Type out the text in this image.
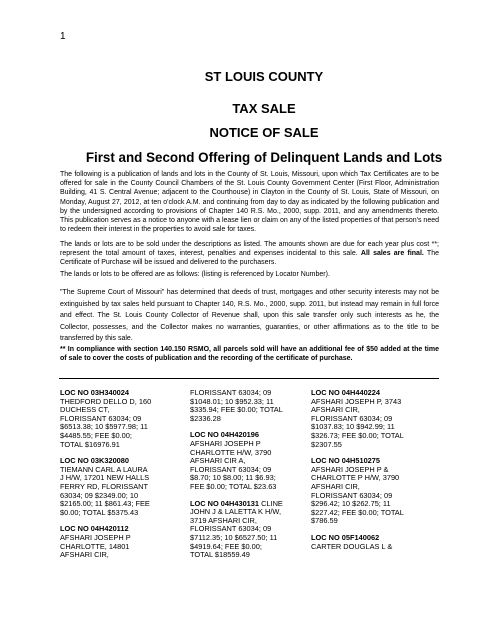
1
ST LOUIS COUNTY
TAX SALE
NOTICE OF SALE
First and Second Offering of Delinquent Lands and Lots
The following is a publication of lands and lots in the County of St. Louis, Missouri, upon which Tax Certificates are to be offered for sale in the County Council Chambers of the St. Louis County Government Center (First Floor, Administration Building, 41 S. Central Avenue; adjacent to the Courthouse) in Clayton in the County of St. Louis, State of Missouri, on Monday, August 27, 2012, at ten o'clock A.M. and continuing from day to day as indicated by the following publication and by the undersigned according to provisions of Chapter 140 R.S. Mo., 2000, supp. 2011, and any amendments thereto. This publication serves as a notice to anyone with a lease lien or claim on any of the listed properties of that person's need to redeem their interest in the properties to avoid sale for taxes.
The lands or lots are to be sold under the descriptions as listed. The amounts shown are due for each year plus cost **; represent the total amount of taxes, interest, penalties and expenses incidental to this sale. All sales are final. The Certificate of Purchase will be issued and delivered to the purchasers.
The lands or lots to be offered are as follows: (listing is referenced by Locator Number).
"The Supreme Court of Missouri" has determined that deeds of trust, mortgages and other security interests may not be extinguished by tax sales held pursuant to Chapter 140, R.S. Mo., 2000, supp. 2011, but instead may remain in full force and effect. The St. Louis County Collector of Revenue shall, upon this sale transfer only such interests as he, the Collector, possesses, and the Collector makes no warranties, guaranties, or other affirmations as to the title to be transferred by this sale.
** In compliance with section 140.150 RSMO, all parcels sold will have an additional fee of $50 added at the time of sale to cover the costs of publication and the recording of the certificate of purchase.
LOC NO 03H340024
THEDFORD DELLO D, 160
DUCHESS CT,
FLORISSANT 63034; 09
$6513.38; 10 $5977.98; 11
$4485.55; FEE $0.00;
TOTAL $16976.91
LOC NO 03K320080
TIEMANN CARL A LAURA
J H/W, 17201 NEW HALLS
FERRY RD, FLORISSANT
63034; 09 $2349.00; 10
$2165.00; 11 $861.43; FEE
$0.00; TOTAL $5375.43
LOC NO 04H420112
AFSHARI JOSEPH P
CHARLOTTE, 14801
AFSHARI CIR,
FLORISSANT 63034; 09
$1048.01; 10 $952.33; 11
$335.94; FEE $0.00; TOTAL
$2336.28
LOC NO 04H420196
AFSHARI JOSEPH P
CHARLOTTE H/W, 3790
AFSHARI CIR A,
FLORISSANT 63034; 09
$8.70; 10 $8.00; 11 $6.93;
FEE $0.00; TOTAL $23.63
LOC NO 04H430131 CLINE
JOHN J & LALETTA K H/W,
3719 AFSHARI CIR,
FLORISSANT 63034; 09
$7112.35; 10 $6527.50; 11
$4919.64; FEE $0.00;
TOTAL $18559.49
LOC NO 04H440224
AFSHARI JOSEPH P, 3743
AFSHARI CIR,
FLORISSANT 63034; 09
$1037.83; 10 $942.99; 11
$326.73; FEE $0.00; TOTAL
$2307.55
LOC NO 04H510275
AFSHARI JOSEPH P &
CHARLOTTE P H/W, 3790
AFSHARI CIR,
FLORISSANT 63034; 09
$296.42; 10 $262.75; 11
$227.42; FEE $0.00; TOTAL
$786.59
LOC NO 05F140062
CARTER DOUGLAS L &
